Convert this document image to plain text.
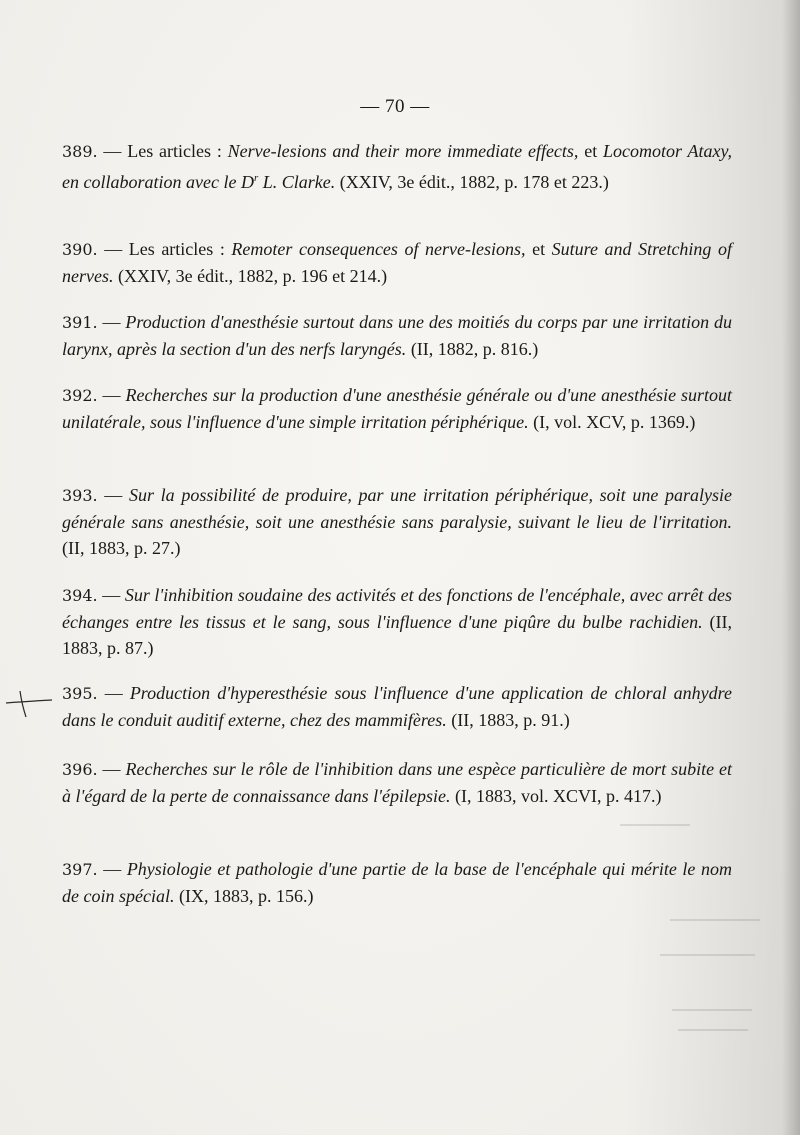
— 70 —
389. — Les articles : Nerve-lesions and their more immediate effects, et Locomotor Ataxy, en collaboration avec le $D^r$ L. Clarke. (XXIV, 3e édit., 1882, p. 178 et 223.)
390. — Les articles : Remoter consequences of nerve-lesions, et Suture and Stretching of nerves. (XXIV, 3e édit., 1882, p. 196 et 214.)
391. — Production d'anesthésie surtout dans une des moitiés du corps par une irritation du larynx, après la section d'un des nerfs laryngés. (II, 1882, p. 816.)
392. — Recherches sur la production d'une anesthésie générale ou d'une anesthésie surtout unilatérale, sous l'influence d'une simple irritation périphérique. (I, vol. XCV, p. 1369.)
393. — Sur la possibilité de produire, par une irritation périphérique, soit une paralysie générale sans anesthésie, soit une anesthésie sans paralysie, suivant le lieu de l'irritation. (II, 1883, p. 27.)
394. — Sur l'inhibition soudaine des activités et des fonctions de l'encéphale, avec arrêt des échanges entre les tissus et le sang, sous l'influence d'une piqûre du bulbe rachidien. (II, 1883, p. 87.)
395. — Production d'hyperesthésie sous l'influence d'une application de chloral anhydre dans le conduit auditif externe, chez des mammifères. (II, 1883, p. 91.)
396. — Recherches sur le rôle de l'inhibition dans une espèce particulière de mort subite et à l'égard de la perte de connaissance dans l'épilepsie. (I, 1883, vol. XCVI, p. 417.)
397. — Physiologie et pathologie d'une partie de la base de l'encéphale qui mérite le nom de coin spécial. (IX, 1883, p. 156.)
